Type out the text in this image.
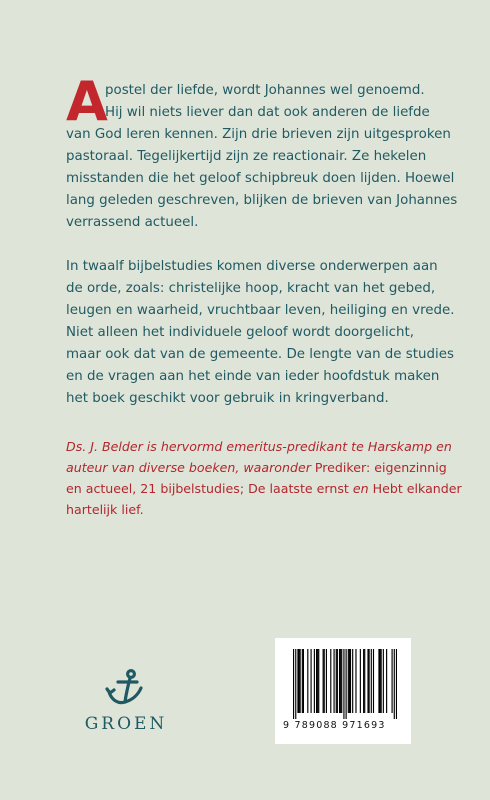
A
postel der liefde, wordt Johannes wel genoemd.
Hij wil niets liever dan dat ook anderen de liefde
van God leren kennen. Zijn drie brieven zijn uitgesproken
pastoraal. Tegelijkertijd zijn ze reactionair. Ze hekelen
misstanden die het geloof schipbreuk doen lijden. Hoewel
lang geleden geschreven, blijken de brieven van Johannes
verrassend actueel.
In twaalf bijbelstudies komen diverse onderwerpen aan
de orde, zoals: christelijke hoop, kracht van het gebed,
leugen en waarheid, vruchtbaar leven, heiliging en vrede.
Niet alleen het individuele geloof wordt doorgelicht,
maar ook dat van de gemeente. De lengte van de studies
en de vragen aan het einde van ieder hoofdstuk maken
het boek geschikt voor gebruik in kringverband.
Ds. J. Belder is hervormd emeritus-predikant te Harskamp en
auteur van diverse boeken, waaronder Prediker: eigenzinnig
en actueel, 21 bijbelstudies; De laatste ernst en Hebt elkander
hartelijk lief.
GROEN	9 789088 971693
